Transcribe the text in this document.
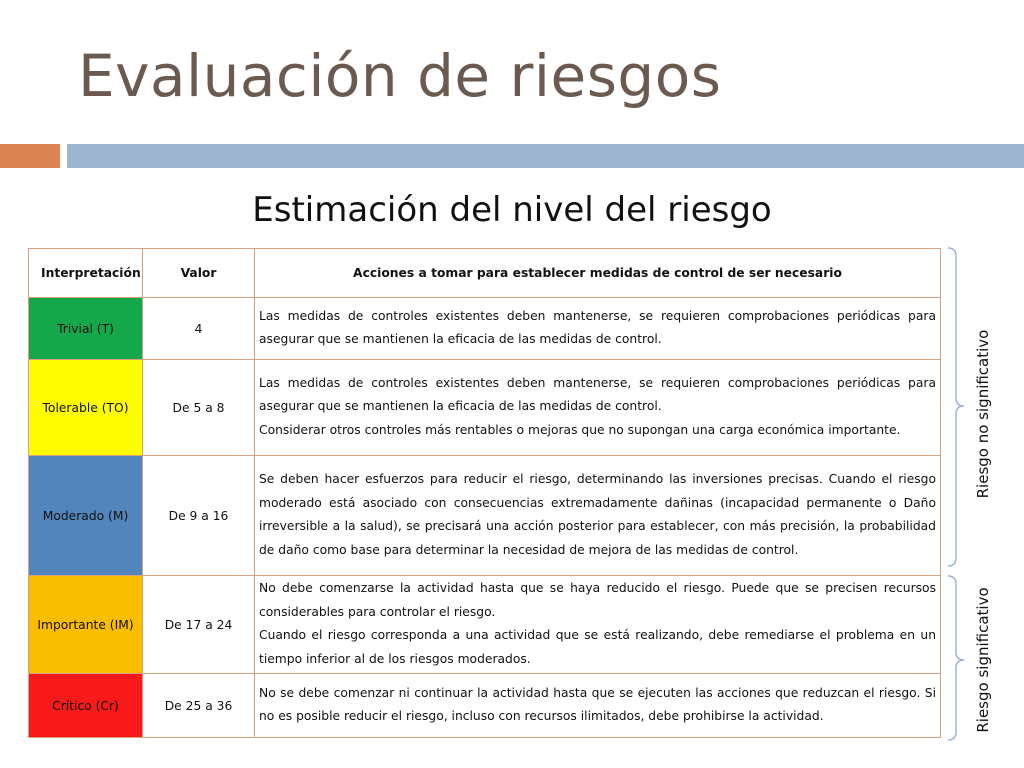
Evaluación de riesgos
Estimación del nivel del riesgo
Interpretación	Valor	Acciones a tomar para establecer medidas de control de ser necesario
Trivial (T)	4	Las medidas de controles existentes deben mantenerse, se requieren comprobaciones periódicas para asegurar que se mantienen la eficacia de las medidas de control.

Tolerable (TO)	De 5 a 8	Las medidas de controles existentes deben mantenerse, se requieren comprobaciones periódicas para asegurar que se mantienen la eficacia de las medidas de control.
Considerar otros controles más rentables o mejoras que no supongan una carga económica importante.

Moderado (M)	De 9 a 16	Se deben hacer esfuerzos para reducir el riesgo, determinando las inversiones precisas. Cuando el riesgo moderado está asociado con consecuencias extremadamente dañinas (incapacidad permanente o Daño irreversible a la salud), se precisará una acción posterior para establecer, con más precisión, la probabilidad de daño como base para determinar la necesidad de mejora de las medidas de control.

Importante (IM)	De 17 a 24	No debe comenzarse la actividad hasta que se haya reducido el riesgo. Puede que se precisen recursos considerables para controlar el riesgo.
Cuando el riesgo corresponda a una actividad que se está realizando, debe remediarse el problema en un tiempo inferior al de los riesgos moderados.

Crítico (Cr)	De 25 a 36	No se debe comenzar ni continuar la actividad hasta que se ejecuten las acciones que reduzcan el riesgo. Si no es posible reducir el riesgo, incluso con recursos ilimitados, debe prohibirse la actividad.
Riesgo no significativo
Riesgo significativo
